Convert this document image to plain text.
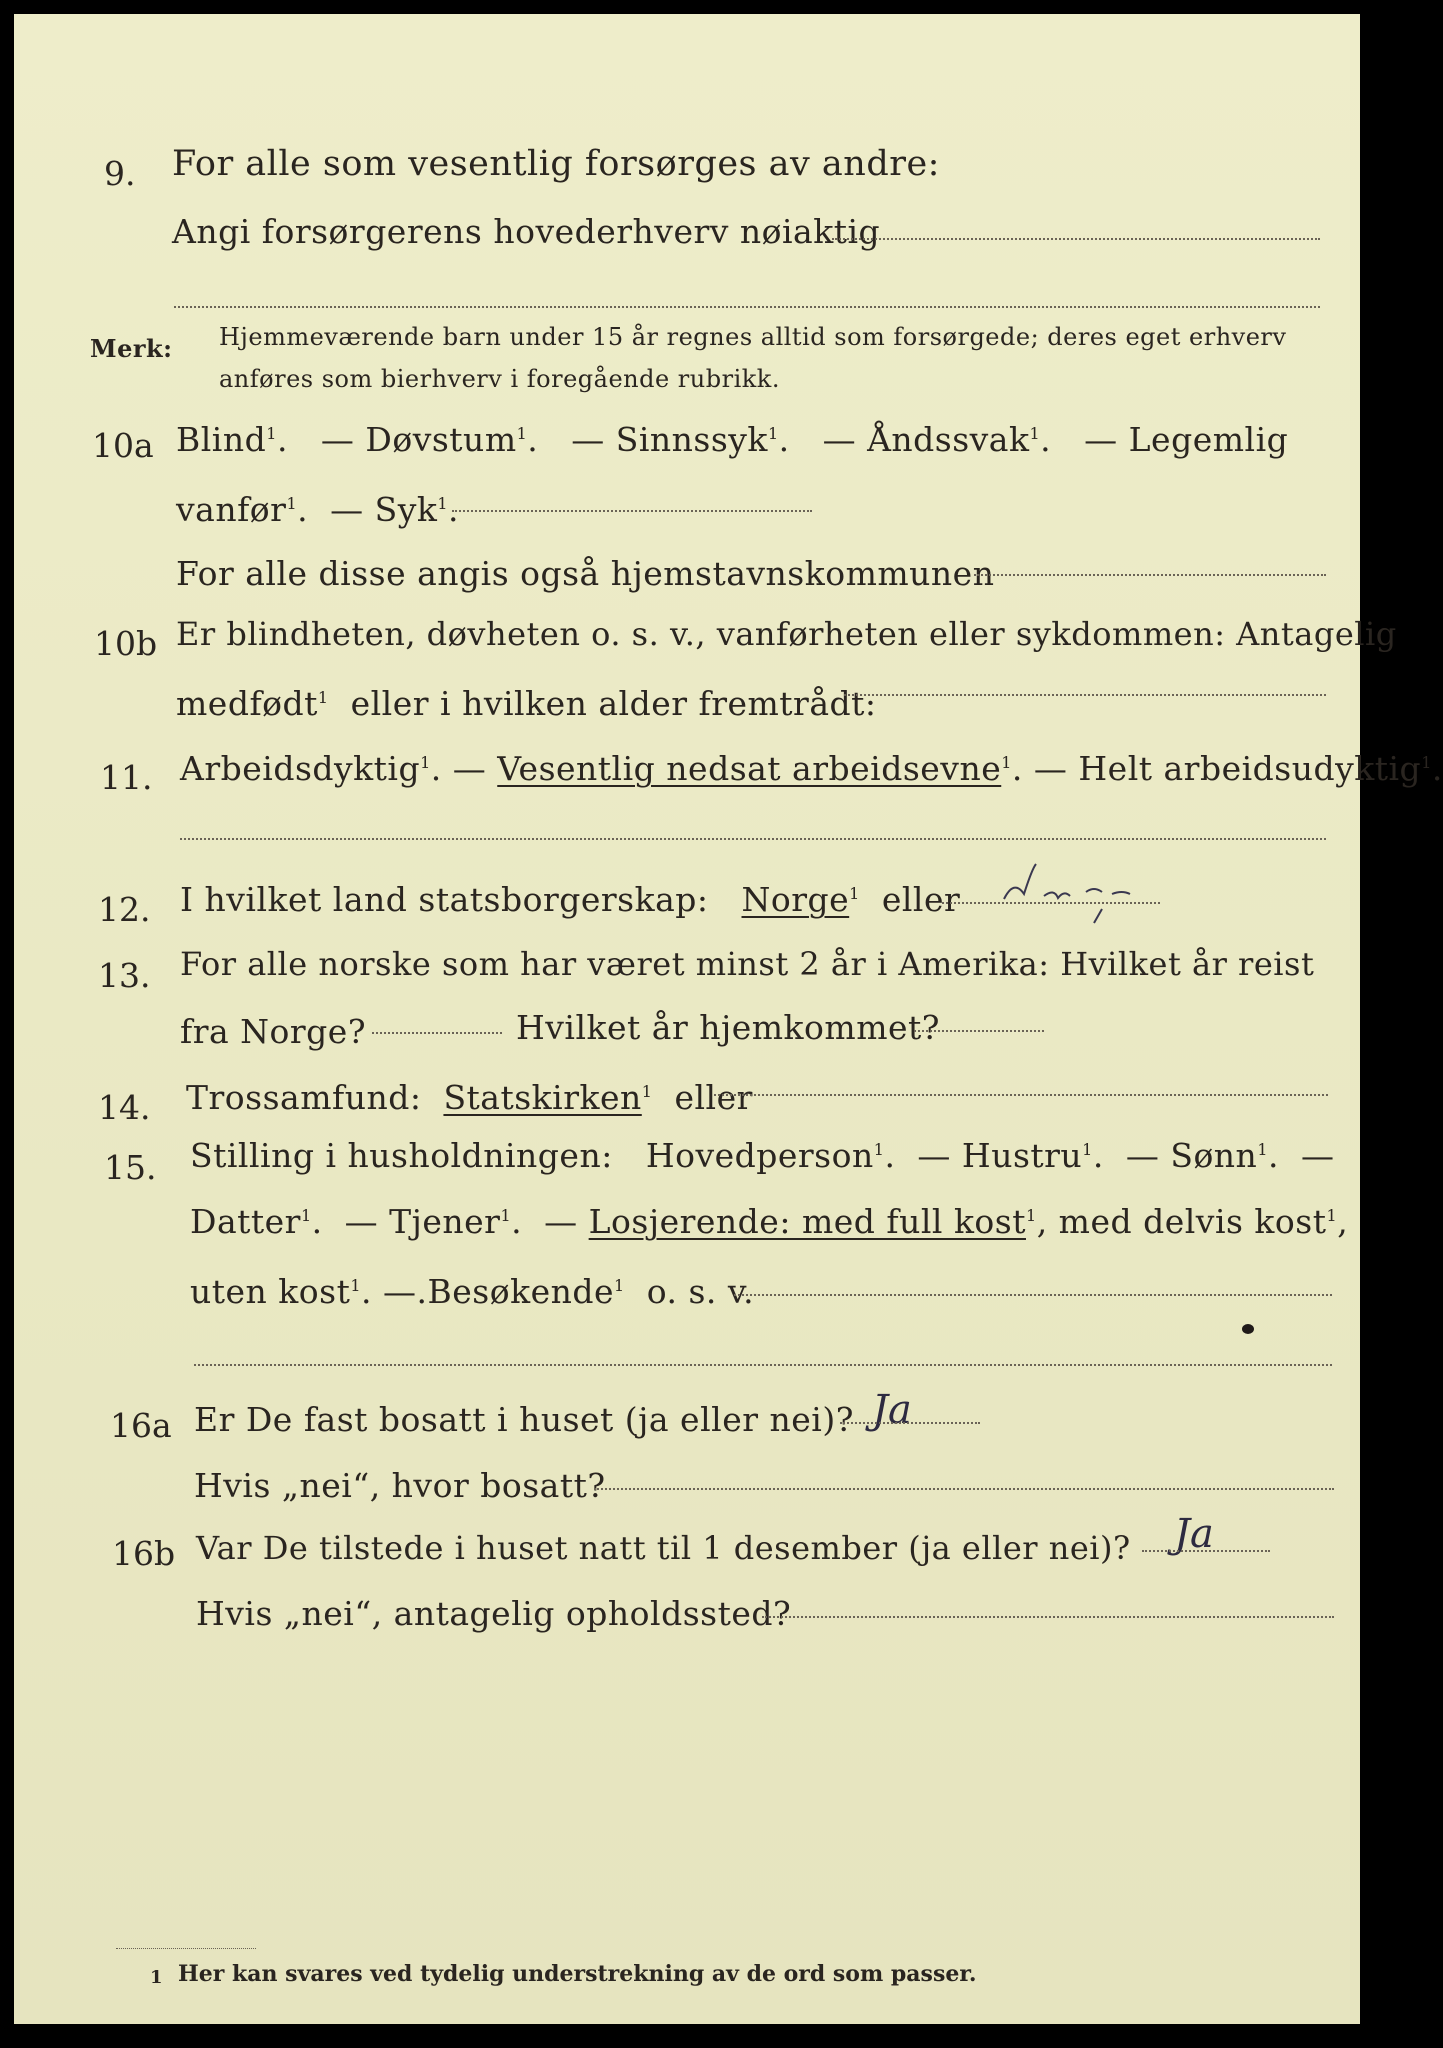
9. For alle som vesentlig forsørges av andre:
Angi forsørgerens hovederhverv nøiaktig
Merk: Hjemmeværende barn under 15 år regnes alltid som forsørgede; deres eget erhverv
anføres som bierhverv i foregående rubrikk.
10a Blind$^1$.   — Døvstum$^1$.   — Sinnssyk$^1$.   — Åndssvak$^1$.   — Legemlig
vanfør$^1$.  — Syk$^1$.
For alle disse angis også hjemstavnskommunen
10b Er blindheten, døvheten o. s. v., vanførheten eller sykdommen: Antagelig
medfødt$^1$ eller i hvilken alder fremtrådt:
11. Arbeidsdyktig$^1$. — Vesentlig nedsat arbeidsevne$^1$. — Helt arbeidsudyktig$^1$.
12. I hvilket land statsborgerskap: Norge$^1$ eller
13. For alle norske som har været minst 2 år i Amerika: Hvilket år reist
fra Norge?	Hvilket år hjemkommet?
14. Trossamfund: Statskirken$^1$ eller
15. Stilling i husholdningen: Hovedperson$^1$.  — Hustru$^1$.  — Sønn$^1$.  —
Datter$^1$.  — Tjener$^1$.  — Losjerende: med full kost$^1$, med delvis kost$^1$,
uten kost$^1$. —.Besøkende$^1$ o. s. v.
16a Er De fast bosatt i huset (ja eller nei)? Ja
Hvis „nei“, hvor bosatt?
16b Var De tilstede i huset natt til 1 desember (ja eller nei)? Ja
Hvis „nei“, antagelig opholdssted?
1 Her kan svares ved tydelig understrekning av de ord som passer.
